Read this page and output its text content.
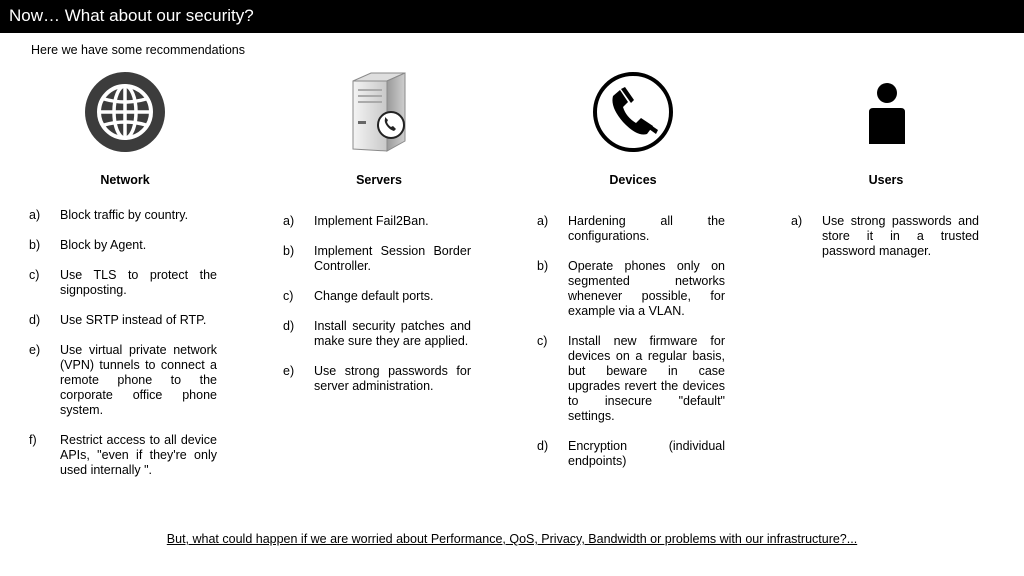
Now… What about our security?
Here we have some recommendations
Network	Servers	Devices	Users
a)	Block traffic by country.
b)	Block by Agent.
c)	Use TLS to protect the signposting.
d)	Use SRTP instead of RTP.
e)	Use virtual private network (VPN) tunnels to connect a remote phone to the corporate office phone system.
f)	Restrict access to all device APIs, "even if they're only used internally ".
a)	Implement Fail2Ban.
b)	Implement Session Border Controller.
c)	Change default ports.
d)	Install security patches and make sure they are applied.
e)	Use strong passwords for server administration.
a)	Hardening all the configurations.
b)	Operate phones only on segmented networks whenever possible, for example via a VLAN.
c)	Install new firmware for devices on a regular basis, but beware in case upgrades revert the devices to insecure "default" settings.
d)	Encryption (individual endpoints)
a)	Use strong passwords and store it in a trusted password manager.
But, what could happen if we are worried about Performance, QoS, Privacy, Bandwidth or problems with our infrastructure?...
